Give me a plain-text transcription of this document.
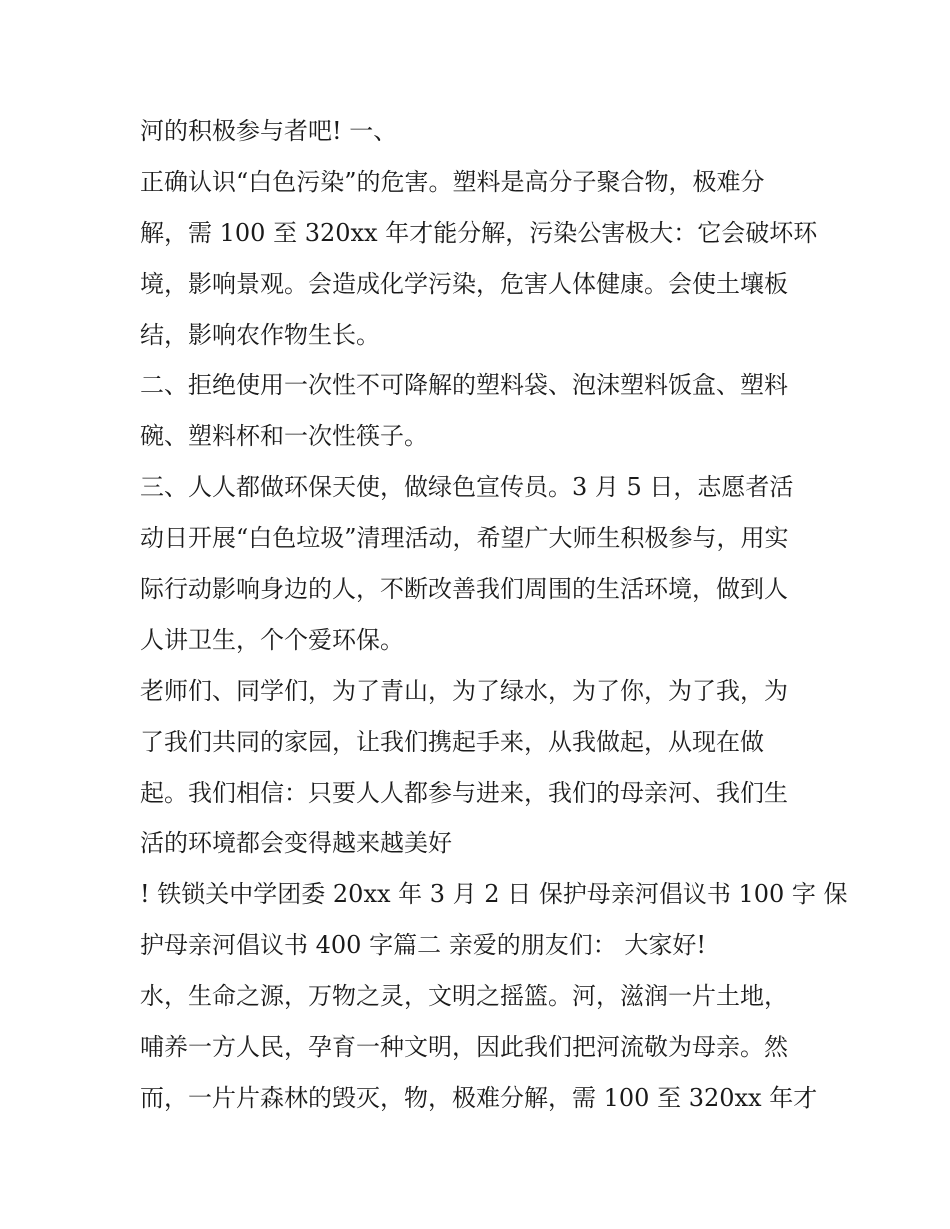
河的积极参与者吧! 一、
正确认识“白色污染”的危害。塑料是高分子聚合物，极难分
解，需 100 至 320xx 年才能分解，污染公害极大：它会破坏环
境，影响景观。会造成化学污染，危害人体健康。会使土壤板
结，影响农作物生长。
二、拒绝使用一次性不可降解的塑料袋、泡沫塑料饭盒、塑料
碗、塑料杯和一次性筷子。
三、人人都做环保天使，做绿色宣传员。3 月 5 日，志愿者活
动日开展“白色垃圾”清理活动，希望广大师生积极参与，用实
际行动影响身边的人，不断改善我们周围的生活环境，做到人
人讲卫生，个个爱环保。
老师们、同学们，为了青山，为了绿水，为了你，为了我，为
了我们共同的家园，让我们携起手来，从我做起，从现在做
起。我们相信：只要人人都参与进来，我们的母亲河、我们生
活的环境都会变得越来越美好
! 铁锁关中学团委 20xx 年 3 月 2 日 保护母亲河倡议书 100 字 保
护母亲河倡议书 400 字篇二 亲爱的朋友们： 大家好!
水，生命之源，万物之灵，文明之摇篮。河，滋润一片土地，
哺养一方人民，孕育一种文明，因此我们把河流敬为母亲。然
而，一片片森林的毁灭，物，极难分解，需 100 至 320xx 年才
